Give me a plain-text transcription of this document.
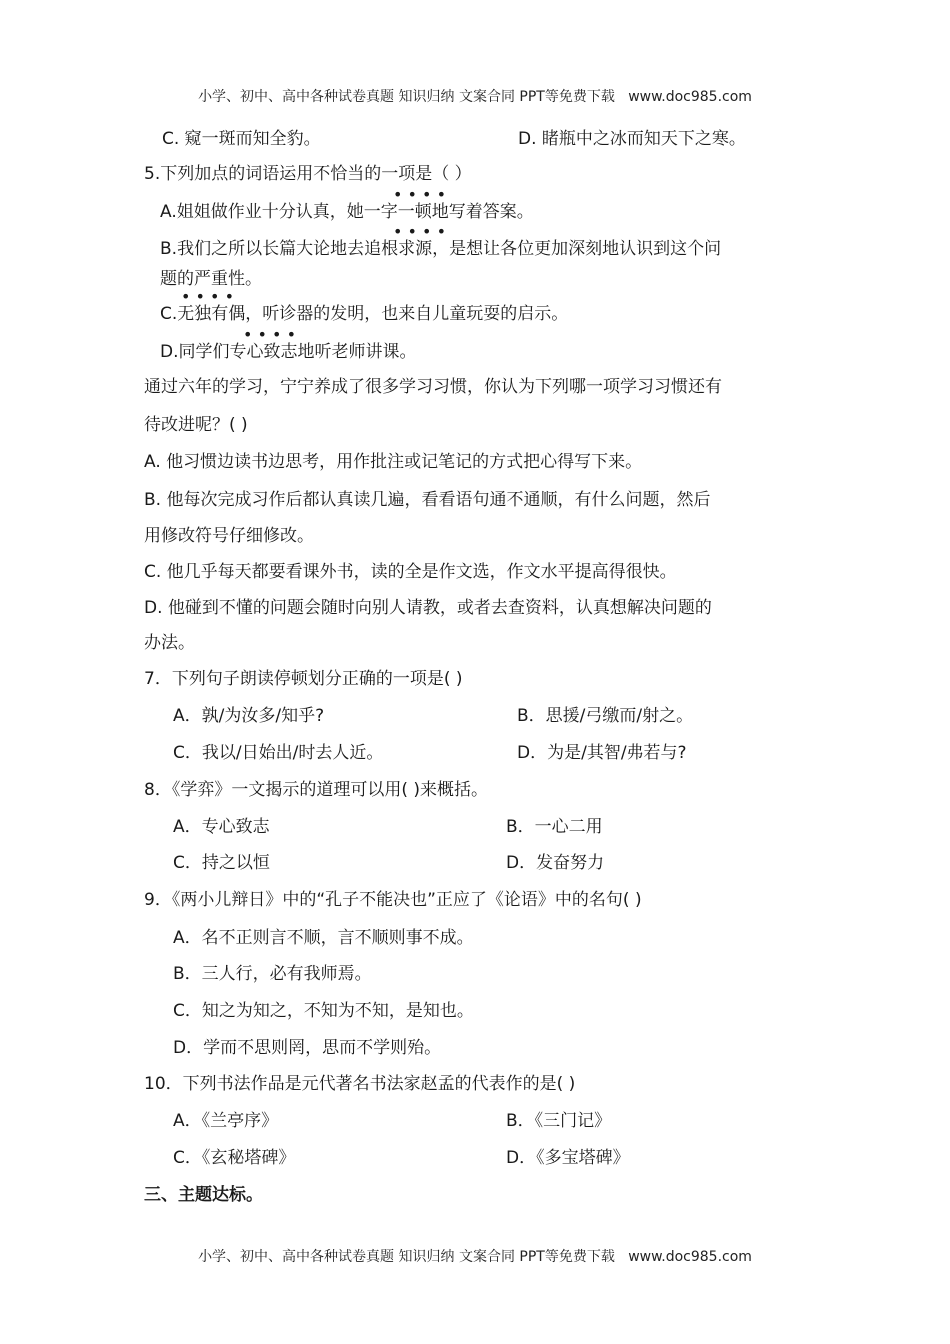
小学、初中、高中各种试卷真题 知识归纳 文案合同 PPT等免费下载   www.doc985.com
C. 窥一斑而知全豹。	D. 睹瓶中之冰而知天下之寒。
5.下列加点的词语运用不恰当的一项是（ ）
• • • •
A.姐姐做作业十分认真，她一字一顿地写着答案。
• • • •
B.我们之所以长篇大论地去追根求源，是想让各位更加深刻地认识到这个问
题的严重性。
• • • •
C.无独有偶，听诊器的发明，也来自儿童玩耍的启示。
• • • •
D.同学们专心致志地听老师讲课。
通过六年的学习，宁宁养成了很多学习习惯，你认为下列哪一项学习习惯还有
待改进呢？( )
A. 他习惯边读书边思考，用作批注或记笔记的方式把心得写下来。
B. 他每次完成习作后都认真读几遍，看看语句通不通顺，有什么问题，然后
用修改符号仔细修改。
C. 他几乎每天都要看课外书，读的全是作文选，作文水平提高得很快。
D. 他碰到不懂的问题会随时向别人请教，或者去查资料，认真想解决问题的
办法。
7．下列句子朗读停顿划分正确的一项是( )
A．孰/为汝多/知乎?	B．思援/弓缴而/射之。
C．我以/日始出/时去人近。	D．为是/其智/弗若与?
8．《学弈》一文揭示的道理可以用( )来概括。
A．专心致志	B．一心二用
C．持之以恒	D．发奋努力
9．《两小儿辩日》中的“孔子不能决也”正应了《论语》中的名句( )
A．名不正则言不顺，言不顺则事不成。
B．三人行，必有我师焉。
C．知之为知之，不知为不知，是知也。
D．学而不思则罔，思而不学则殆。
10．下列书法作品是元代著名书法家赵孟的代表作的是( )
A．《兰亭序》	B．《三门记》
C．《玄秘塔碑》	D．《多宝塔碑》
三、主题达标。
小学、初中、高中各种试卷真题 知识归纳 文案合同 PPT等免费下载   www.doc985.com
